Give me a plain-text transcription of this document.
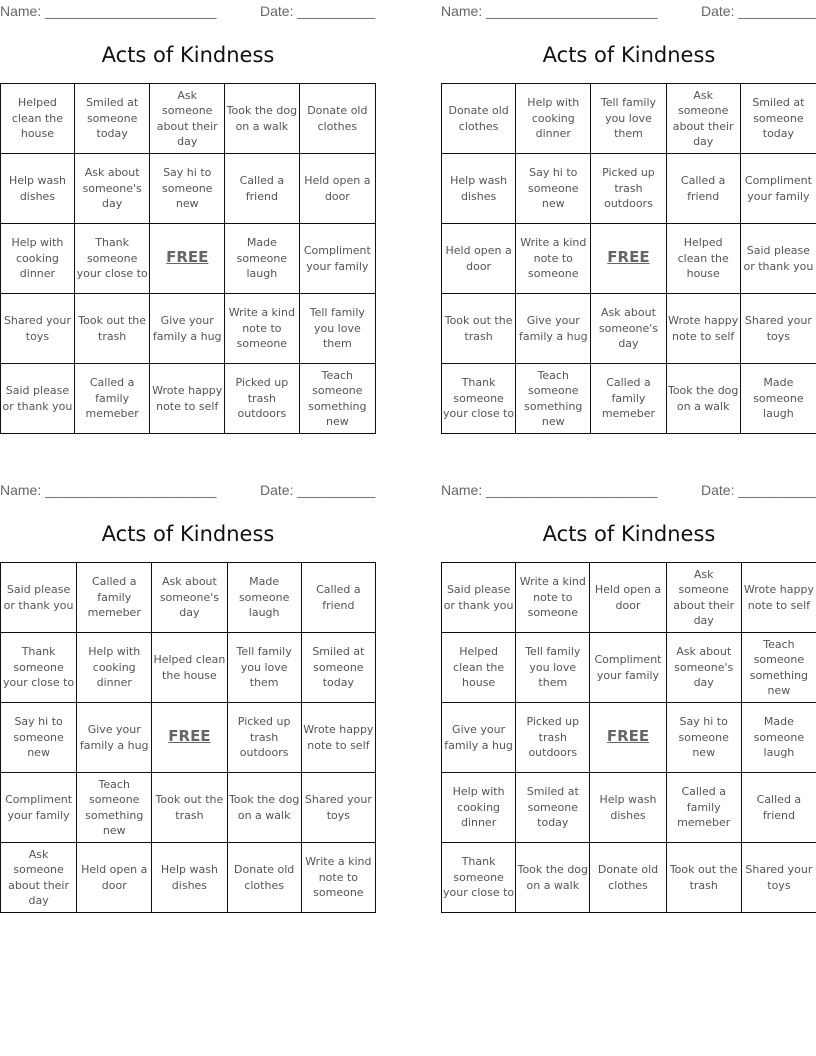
Name: ______________________	Date: __________
Acts of Kindness
Helped clean the house	Smiled at someone today	Ask someone about their day	Took the dog on a walk	Donate old clothes
Help wash dishes	Ask about someone's day	Say hi to someone new	Called a friend	Held open a door
Help with cooking dinner	Thank someone your close to	FREE	Made someone laugh	Compliment your family
Shared your toys	Took out the trash	Give your family a hug	Write a kind note to someone	Tell family you love them
Said please or thank you	Called a family memeber	Wrote happy note to self	Picked up trash outdoors	Teach someone something new
Name: ______________________	Date: __________
Acts of Kindness
Donate old clothes	Help with cooking dinner	Tell family you love them	Ask someone about their day	Smiled at someone today
Help wash dishes	Say hi to someone new	Picked up trash outdoors	Called a friend	Compliment your family
Held open a door	Write a kind note to someone	FREE	Helped clean the house	Said please or thank you
Took out the trash	Give your family a hug	Ask about someone's day	Wrote happy note to self	Shared your toys
Thank someone your close to	Teach someone something new	Called a family memeber	Took the dog on a walk	Made someone laugh
Name: ______________________	Date: __________
Acts of Kindness
Said please or thank you	Called a family memeber	Ask about someone's day	Made someone laugh	Called a friend
Thank someone your close to	Help with cooking dinner	Helped clean the house	Tell family you love them	Smiled at someone today
Say hi to someone new	Give your family a hug	FREE	Picked up trash outdoors	Wrote happy note to self
Compliment your family	Teach someone something new	Took out the trash	Took the dog on a walk	Shared your toys
Ask someone about their day	Held open a door	Help wash dishes	Donate old clothes	Write a kind note to someone
Name: ______________________	Date: __________
Acts of Kindness
Said please or thank you	Write a kind note to someone	Held open a door	Ask someone about their day	Wrote happy note to self
Helped clean the house	Tell family you love them	Compliment your family	Ask about someone's day	Teach someone something new
Give your family a hug	Picked up trash outdoors	FREE	Say hi to someone new	Made someone laugh
Help with cooking dinner	Smiled at someone today	Help wash dishes	Called a family memeber	Called a friend
Thank someone your close to	Took the dog on a walk	Donate old clothes	Took out the trash	Shared your toys
